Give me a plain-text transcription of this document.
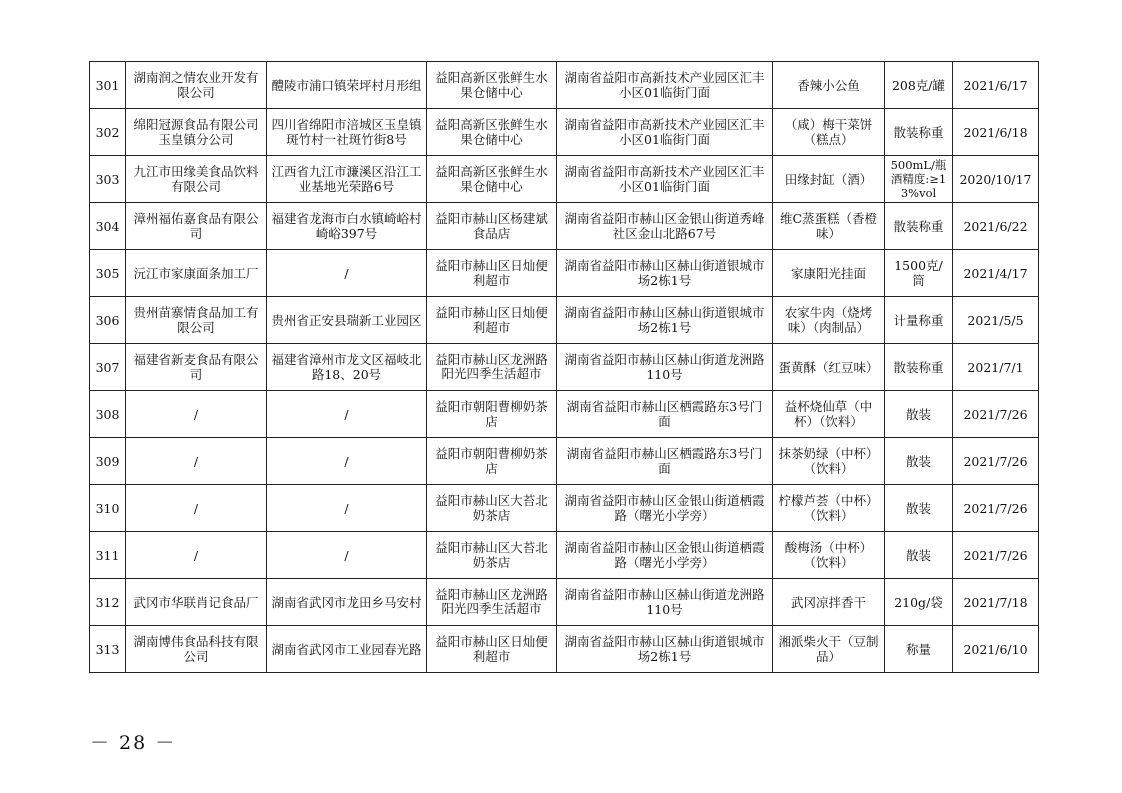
301	湖南润之情农业开发有限公司	醴陵市浦口镇荣坪村月形组	益阳高新区张鲜生水果仓储中心	湖南省益阳市高新技术产业园区汇丰小区01临街门面	香辣小公鱼	208克/罐	2021/6/17
302	绵阳冠源食品有限公司玉皇镇分公司	四川省绵阳市涪城区玉皇镇斑竹村一社斑竹街8号	益阳高新区张鲜生水果仓储中心	湖南省益阳市高新技术产业园区汇丰小区01临街门面	（咸）梅干菜饼（糕点）	散装称重	2021/6/18
303	九江市田缘美食品饮料有限公司	江西省九江市濂溪区沿江工业基地光荣路6号	益阳高新区张鲜生水果仓储中心	湖南省益阳市高新技术产业园区汇丰小区01临街门面	田缘封缸（酒）	500mL/瓶 酒精度:≥13%vol	2020/10/17
304	漳州福佑嘉食品有限公司	福建省龙海市白水镇崎峪村崎峪397号	益阳市赫山区杨建斌食品店	湖南省益阳市赫山区金银山街道秀峰社区金山北路67号	维C蒸蛋糕（香橙味）	散装称重	2021/6/22
305	沅江市家康面条加工厂	/	益阳市赫山区日灿便利超市	湖南省益阳市赫山区赫山街道银城市场2栋1号	家康阳光挂面	1500克/筒	2021/4/17
306	贵州苗寨情食品加工有限公司	贵州省正安县瑞新工业园区	益阳市赫山区日灿便利超市	湖南省益阳市赫山区赫山街道银城市场2栋1号	农家牛肉（烧烤味）（肉制品）	计量称重	2021/5/5
307	福建省新麦食品有限公司	福建省漳州市龙文区福岐北路18、20号	益阳市赫山区龙洲路阳光四季生活超市	湖南省益阳市赫山区赫山街道龙洲路110号	蛋黄酥（红豆味）	散装称重	2021/7/1
308	/	/	益阳市朝阳曹柳奶茶店	湖南省益阳市赫山区栖霞路东3号门面	益杯烧仙草（中杯）（饮料）	散装	2021/7/26
309	/	/	益阳市朝阳曹柳奶茶店	湖南省益阳市赫山区栖霞路东3号门面	抹茶奶绿（中杯）（饮料）	散装	2021/7/26
310	/	/	益阳市赫山区大苔北奶茶店	湖南省益阳市赫山区金银山街道栖霞路（曙光小学旁）	柠檬芦荟（中杯）（饮料）	散装	2021/7/26
311	/	/	益阳市赫山区大苔北奶茶店	湖南省益阳市赫山区金银山街道栖霞路（曙光小学旁）	酸梅汤（中杯）（饮料）	散装	2021/7/26
312	武冈市华联肖记食品厂	湖南省武冈市龙田乡马安村	益阳市赫山区龙洲路阳光四季生活超市	湖南省益阳市赫山区赫山街道龙洲路110号	武冈凉拌香干	210g/袋	2021/7/18
313	湖南博伟食品科技有限公司	湖南省武冈市工业园春光路	益阳市赫山区日灿便利超市	湖南省益阳市赫山区赫山街道银城市场2栋1号	湘派柴火干（豆制品）	称量	2021/6/10
－ 28 －
